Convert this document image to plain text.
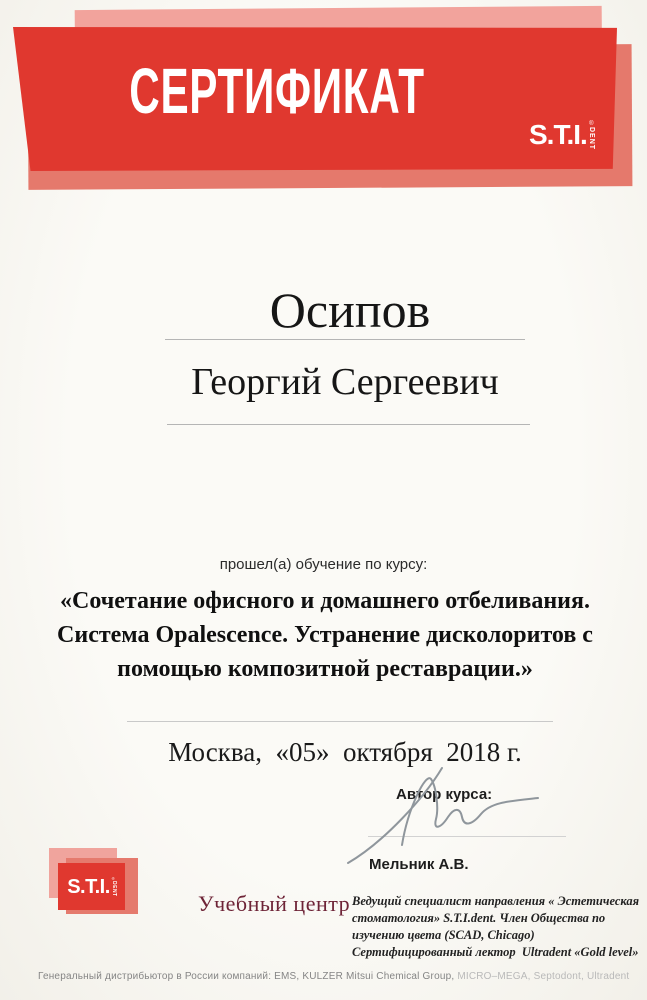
СЕРТИФИКАТ
S.T.I. ®
DENT
Осипов
Георгий Сергеевич
прошел(а) обучение по курсу:
«Сочетание офисного и домашнего отбеливания.
Система Opalescence. Устранение дисколоритов с
помощью композитной реставрации.»
Москва,  «05»  октября  2018 г.
Автор курса:
Мельник А.В.
S.T.I. ®
DENT
Учебный центр Ведущий специалист направления « Эстетическая
стоматология» S.T.I.dent. Член Общества по
изучению цвета (SCAD, Chicago)
Сертифицированный лектор  Ultradent «Gold level»
Генеральный дистрибьютор в России компаний: EMS, KULZER Mitsui Chemical Group, MICRO–MEGA, Septodont, Ultradent
